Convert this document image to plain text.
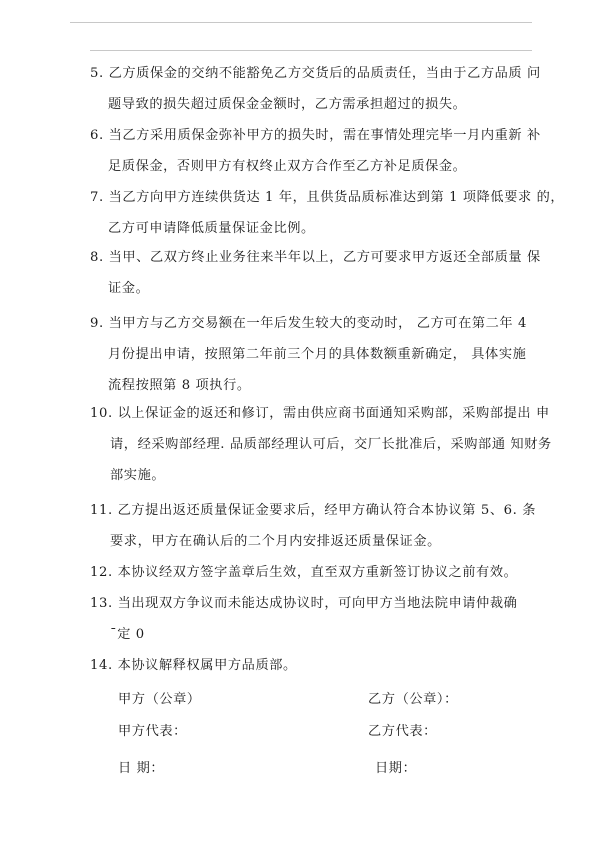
5. 乙方质保金的交纳不能豁免乙方交货后的品质责任，当由于乙方品质 问
题导致的损失超过质保金金额时，乙方需承担超过的损失。
6. 当乙方采用质保金弥补甲方的损失时，需在事情处理完毕一月内重新 补
足质保金，否则甲方有权终止双方合作至乙方补足质保金。
7. 当乙方向甲方连续供货达 1 年，且供货品质标准达到第 1 项降低要求 的，
乙方可申请降低质量保证金比例。
8. 当甲、乙双方终止业务往来半年以上，乙方可要求甲方返还全部质量 保
证金。
9. 当甲方与乙方交易额在一年后发生较大的变动时， 乙方可在第二年 4
月份提出申请，按照第二年前三个月的具体数额重新确定， 具体实施
流程按照第 8 项执行。
10. 以上保证金的返还和修订，需由供应商书面通知采购部，采购部提出 申
请，经采购部经理. 品质部经理认可后，交厂长批准后，采购部通 知财务
部实施。
11. 乙方提出返还质量保证金要求后，经甲方确认符合本协议第 5、6. 条
要求，甲方在确认后的二个月内安排返还质量保证金。
12. 本协议经双方签字盖章后生效，直至双方重新签订协议之前有效。
13. 当出现双方争议而未能达成协议时，可向甲方当地法院申请仲裁确
ˉ定 0
14. 本协议解释权属甲方品质部。
甲方（公章）	乙方（公章）：
甲方代表：	乙方代表：
日 期：	日期：
